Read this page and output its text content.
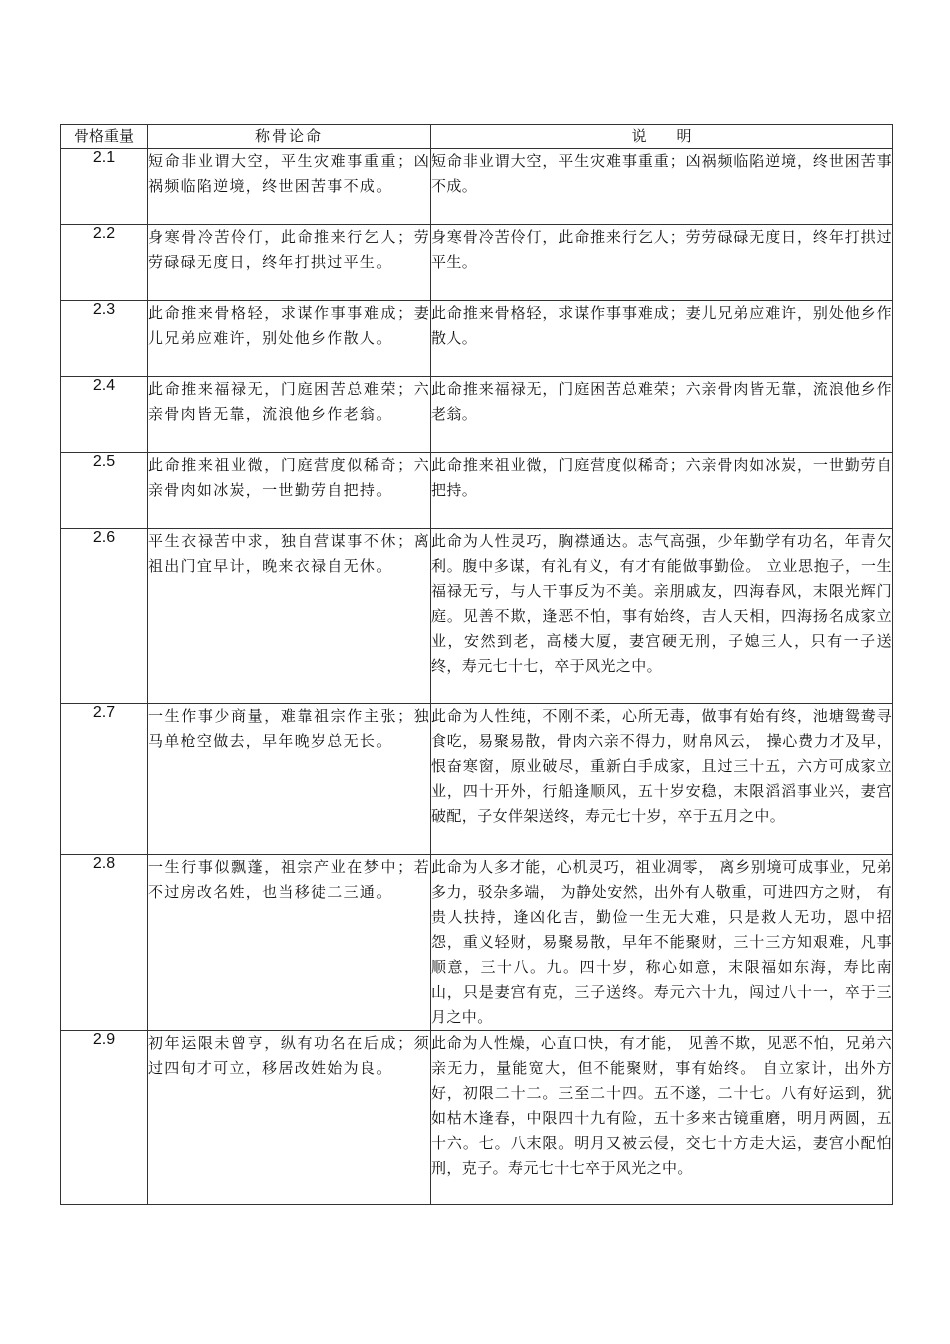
骨格重量	称骨论命	说　　明
2.1	短命非业谓大空，平生灾难事重重；凶祸频临陷逆境，终世困苦事不成。	短命非业谓大空，平生灾难事重重；凶祸频临陷逆境，终世困苦事不成。
2.2	身寒骨冷苦伶仃，此命推来行乞人；劳劳碌碌无度日，终年打拱过平生。	身寒骨冷苦伶仃，此命推来行乞人；劳劳碌碌无度日，终年打拱过平生。
2.3	此命推来骨格轻，求谋作事事难成；妻儿兄弟应难许，别处他乡作散人。	此命推来骨格轻，求谋作事事难成；妻儿兄弟应难许，别处他乡作散人。
2.4	此命推来福禄无，门庭困苦总难荣；六亲骨肉皆无靠，流浪他乡作老翁。	此命推来福禄无，门庭困苦总难荣；六亲骨肉皆无靠，流浪他乡作老翁。
2.5	此命推来祖业微，门庭营度似稀奇；六亲骨肉如冰炭，一世勤劳自把持。	此命推来祖业微，门庭营度似稀奇；六亲骨肉如冰炭，一世勤劳自把持。
2.6	平生衣禄苦中求，独自营谋事不休；离祖出门宜早计，晚来衣禄自无休。	此命为人性灵巧，胸襟通达。志气高强，少年勤学有功名，年青欠利。腹中多谋，有礼有义，有才有能做事勤俭。 立业思抱子，一生福禄无亏，与人干事反为不美。亲朋戚友，四海春风，末限光辉门庭。见善不欺，逢恶不怕，事有始终，吉人天相，四海扬名成家立业，安然到老，高楼大厦，妻宫硬无刑，子媳三人，只有一子送终，寿元七十七，卒于风光之中。
2.7	一生作事少商量，难靠祖宗作主张；独马单枪空做去，早年晚岁总无长。	此命为人性纯，不刚不柔，心所无毒，做事有始有终，池塘鸳鸯寻食吃，易聚易散，骨肉六亲不得力，财帛风云， 操心费力才及早，恨奋寒窗，原业破尽，重新白手成家，且过三十五，六方可成家立业，四十开外，行船逢顺风，五十岁安稳，末限滔滔事业兴，妻宫破配，子女伴架送终，寿元七十岁，卒于五月之中。
2.8	一生行事似飘蓬，祖宗产业在梦中；若不过房改名姓，也当移徒二三通。	此命为人多才能，心机灵巧，祖业凋零， 离乡别境可成事业，兄弟多力，驳杂多端， 为静处安然，出外有人敬重，可进四方之财， 有贵人扶持，逢凶化吉，勤俭一生无大难，只是救人无功，恩中招怨，重义轻财，易聚易散，早年不能聚财，三十三方知艰难，凡事顺意，三十八。九。四十岁，称心如意，末限福如东海，寿比南山，只是妻宫有克，三子送终。寿元六十九，闯过八十一，卒于三月之中。
2.9	初年运限未曾亨，纵有功名在后成；须过四旬才可立，移居改姓始为良。	此命为人性燥，心直口快，有才能， 见善不欺，见恶不怕，兄弟六亲无力，量能宽大，但不能聚财，事有始终。 自立家计，出外方好，初限二十二。三至二十四。五不遂，二十七。八有好运到，犹如枯木逢春，中限四十九有险，五十多来古镜重磨，明月两圆，五十六。七。八末限。明月又被云侵，交七十方走大运，妻宫小配怕刑，克子。寿元七十七卒于风光之中。
